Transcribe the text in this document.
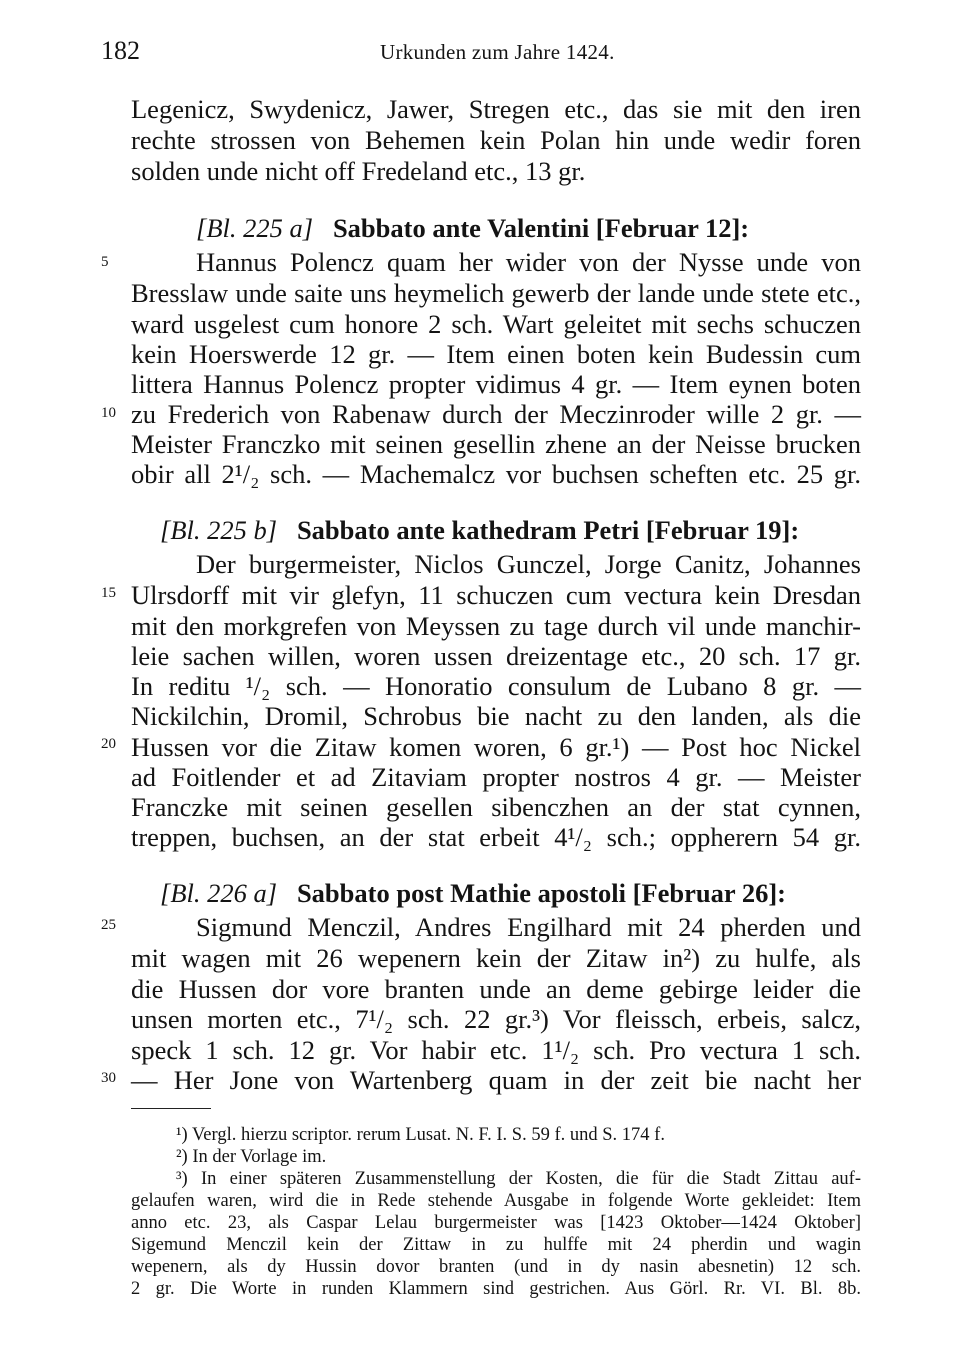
182	Urkunden zum Jahre 1424.
Legenicz, Swydenicz, Jawer, Stregen etc., das sie mit den iren
rechte strossen von Behemen kein Polan hin unde wedir foren
solden unde nicht off Fredeland etc., 13 gr.
[Bl. 225 a] Sabbato ante Valentini [Februar 12]:
Hannus Polencz quam her wider von der Nysse unde von
Bresslaw unde saite uns heymelich gewerb der lande unde stete etc.,
ward usgelest cum honore 2 sch. Wart geleitet mit sechs schuczen
kein Hoerswerde 12 gr. — Item einen boten kein Budessin cum
littera Hannus Polencz propter vidimus 4 gr. — Item eynen boten
zu Frederich von Rabenaw durch der Meczinroder wille 2 gr. —
Meister Franczko mit seinen gesellin zhene an der Neisse brucken
obir all 2¹/₂ sch. — Machemalcz vor buchsen scheften etc. 25 gr.
[Bl. 225 b] Sabbato ante kathedram Petri [Februar 19]:
Der burgermeister, Niclos Gunczel, Jorge Canitz, Johannes
Ulrsdorff mit vir glefyn, 11 schuczen cum vectura kein Dresdan
mit den morkgrefen von Meyssen zu tage durch vil unde manchir-
leie sachen willen, woren ussen dreizentage etc., 20 sch. 17 gr.
In reditu ¹/₂ sch. — Honoratio consulum de Lubano 8 gr. —
Nickilchin, Dromil, Schrobus bie nacht zu den landen, als die
Hussen vor die Zitaw komen woren, 6 gr.¹) — Post hoc Nickel
ad Foitlender et ad Zitaviam propter nostros 4 gr. — Meister
Franczke mit seinen gesellen sibenczhen an der stat cynnen,
treppen, buchsen, an der stat erbeit 4¹/₂ sch.; oppherern 54 gr.
[Bl. 226 a] Sabbato post Mathie apostoli [Februar 26]:
Sigmund Menczil, Andres Engilhard mit 24 pherden und
mit wagen mit 26 wepenern kein der Zitaw in²) zu hulfe, als
die Hussen dor vore branten unde an deme gebirge leider die
unsen morten etc., 7¹/₂ sch. 22 gr.³) Vor fleissch, erbeis, salcz,
speck 1 sch. 12 gr. Vor habir etc. 1¹/₂ sch. Pro vectura 1 sch.
— Her Jone von Wartenberg quam in der zeit bie nacht her
5
10
15
20
25
30
¹) Vergl. hierzu scriptor. rerum Lusat. N. F. I. S. 59 f. und S. 174 f.
²) In der Vorlage im.
³) In einer späteren Zusammenstellung der Kosten, die für die Stadt Zittau auf-
gelaufen waren, wird die in Rede stehende Ausgabe in folgende Worte gekleidet: Item
anno etc. 23, als Caspar Lelau burgermeister was [1423 Oktober—1424 Oktober]
Sigemund Menczil kein der Zittaw in zu hulffe mit 24 pherdin und wagin
wepenern, als dy Hussin dovor branten (und in dy nasin abesnetin) 12 sch.
2 gr. Die Worte in runden Klammern sind gestrichen. Aus Görl. Rr. VI. Bl. 8b.
